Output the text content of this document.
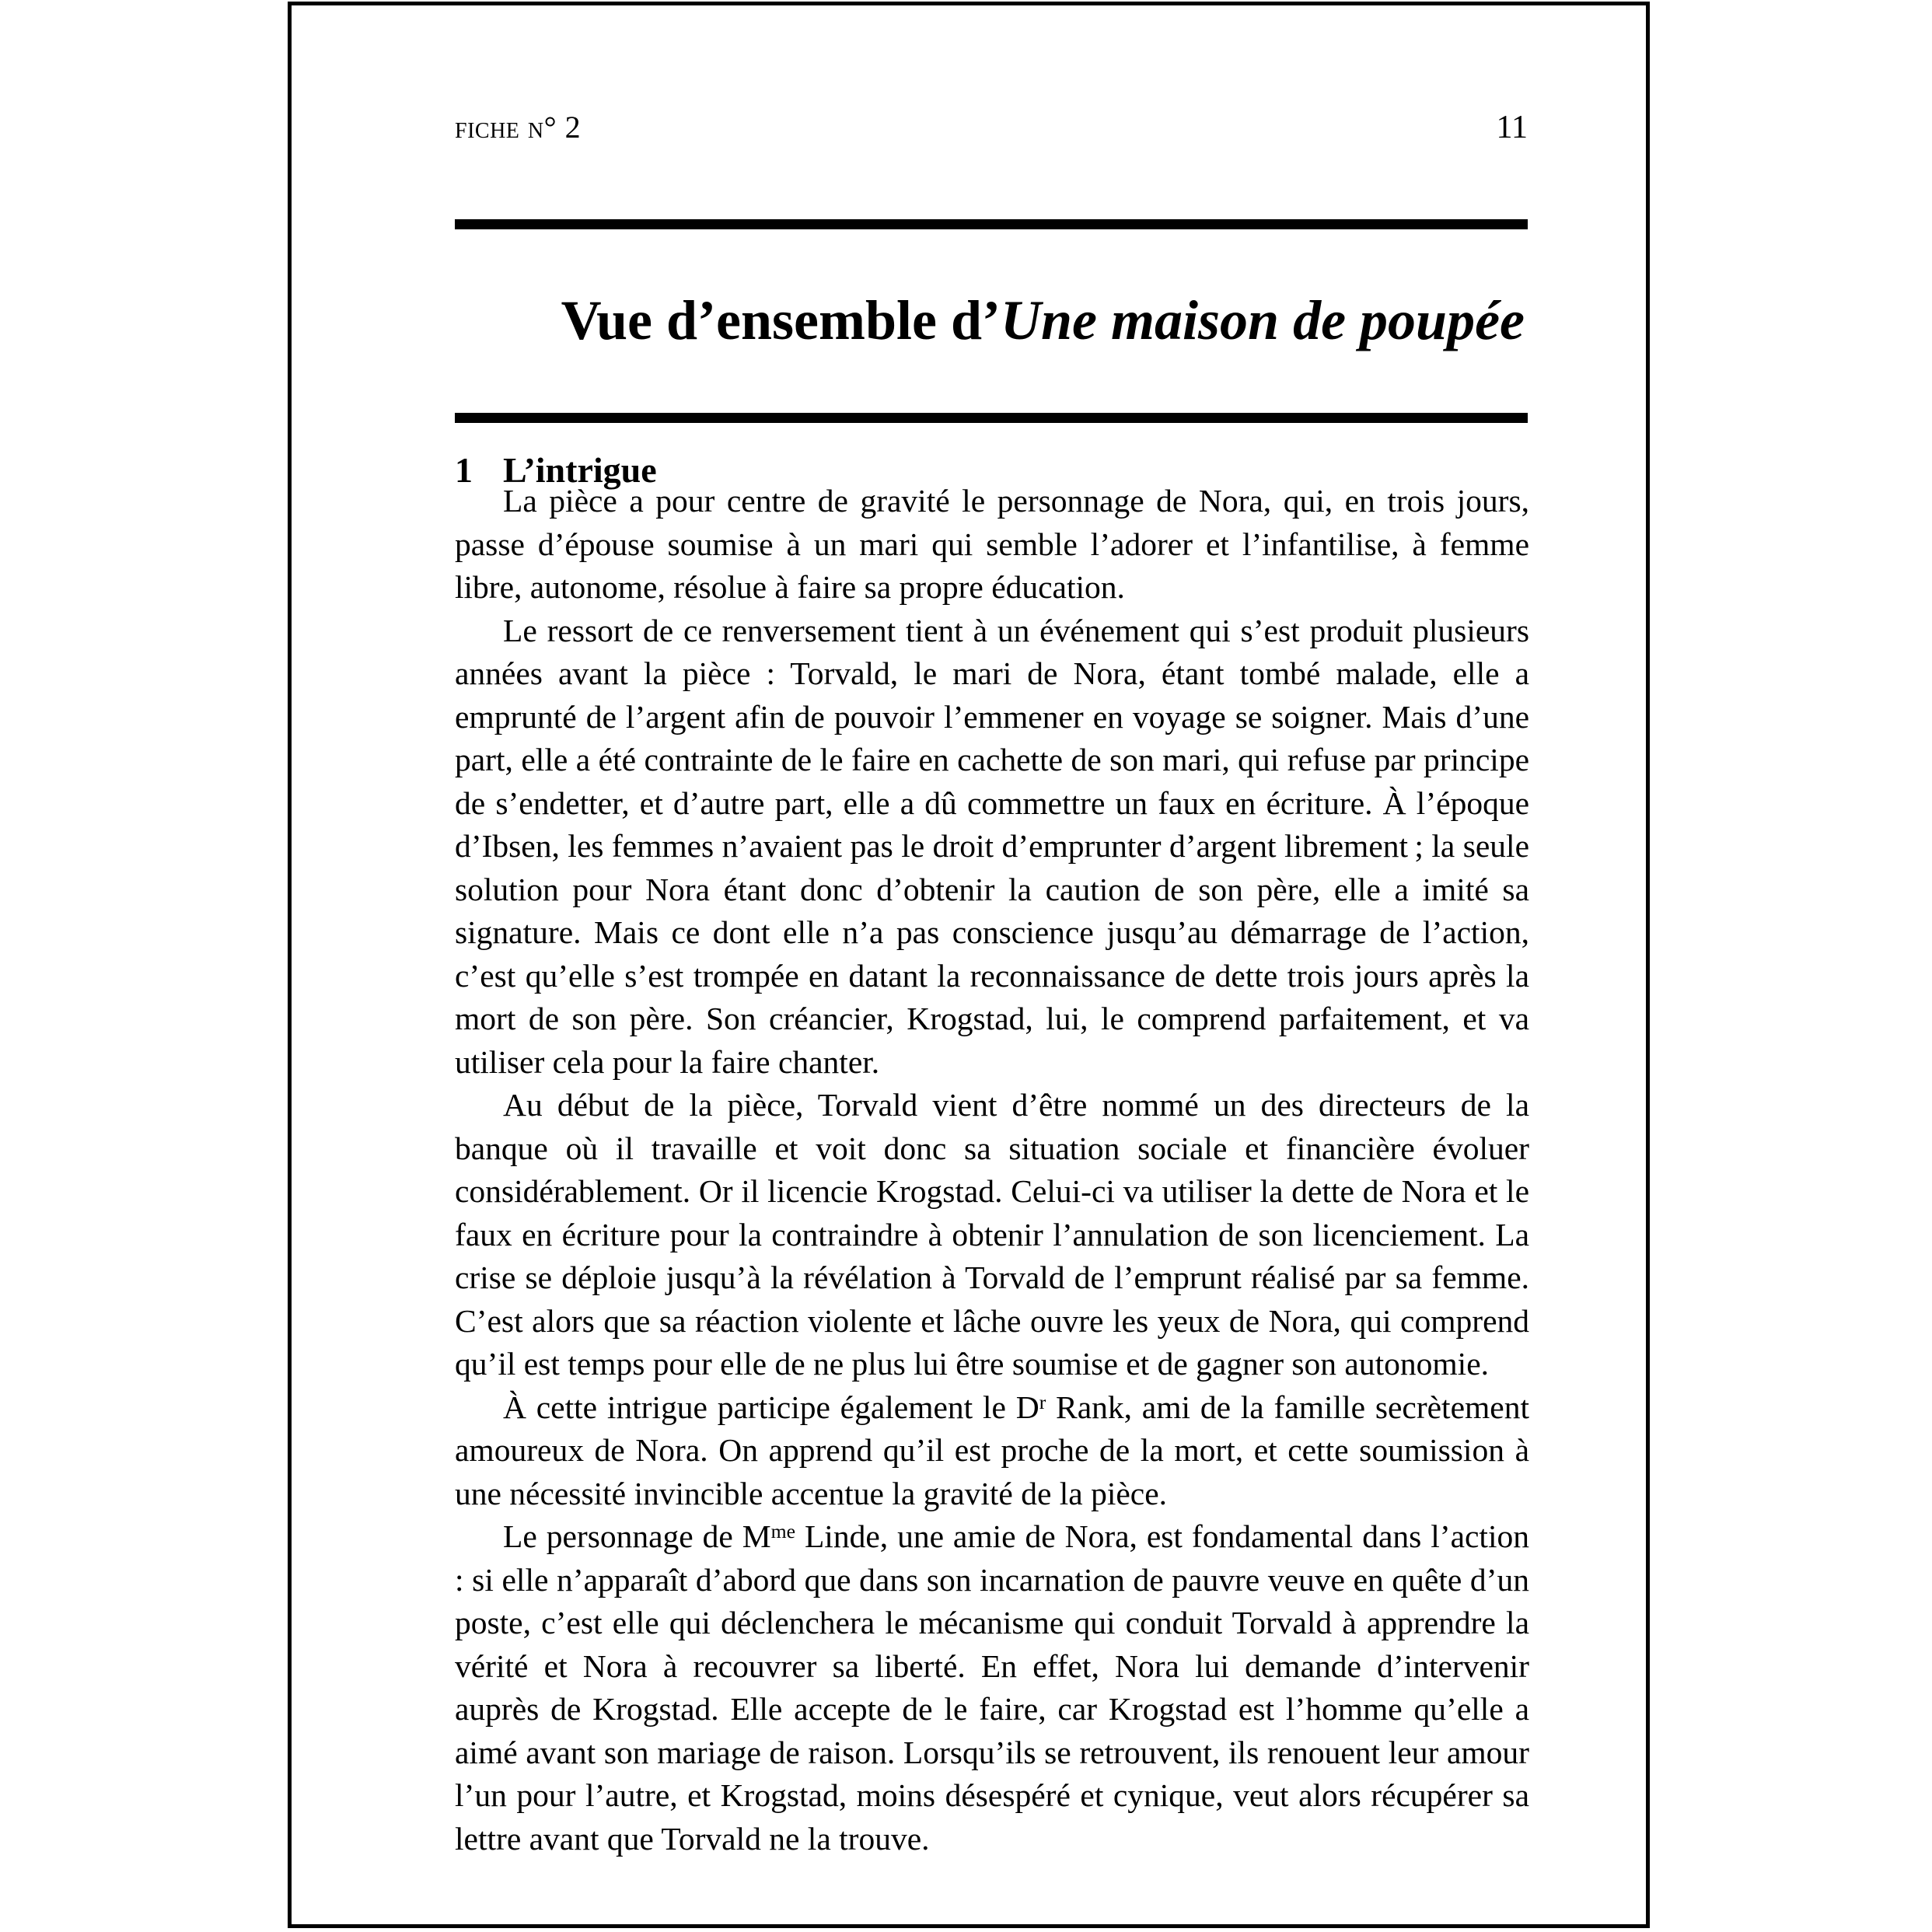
fiche n° 2	11
Vue d’ensemble d’Une maison de poupée
1 L’intrigue

La pièce a pour centre de gravité le personnage de Nora, qui, en trois jours, passe d’épouse soumise à un mari qui semble l’adorer et l’infantilise, à femme libre, autonome, résolue à faire sa propre éducation.

Le ressort de ce renversement tient à un événement qui s’est produit plusieurs années avant la pièce : Torvald, le mari de Nora, étant tombé malade, elle a emprunté de l’argent afin de pouvoir l’emmener en voyage se soigner. Mais d’une part, elle a été contrainte de le faire en cachette de son mari, qui refuse par principe de s’endetter, et d’autre part, elle a dû commettre un faux en écriture. À l’époque d’Ibsen, les femmes n’avaient pas le droit d’emprunter d’argent librement ; la seule solution pour Nora étant donc d’obtenir la caution de son père, elle a imité sa signature. Mais ce dont elle n’a pas conscience jusqu’au démarrage de l’action, c’est qu’elle s’est trompée en datant la reconnaissance de dette trois jours après la mort de son père. Son créancier, Krogstad, lui, le comprend parfaitement, et va utiliser cela pour la faire chanter.

Au début de la pièce, Torvald vient d’être nommé un des directeurs de la banque où il travaille et voit donc sa situation sociale et financière évoluer considérablement. Or il licencie Krogstad. Celui-ci va utiliser la dette de Nora et le faux en écriture pour la contraindre à obtenir l’annulation de son licenciement. La crise se déploie jusqu’à la révélation à Torvald de l’emprunt réalisé par sa femme. C’est alors que sa réaction violente et lâche ouvre les yeux de Nora, qui comprend qu’il est temps pour elle de ne plus lui être soumise et de gagner son autonomie.

À cette intrigue participe également le $D^r$ Rank, ami de la famille secrètement amoureux de Nora. On apprend qu’il est proche de la mort, et cette soumission à une nécessité invincible accentue la gravité de la pièce.

Le personnage de $M^{me}$ Linde, une amie de Nora, est fondamental dans l’action : si elle n’apparaît d’abord que dans son incarnation de pauvre veuve en quête d’un poste, c’est elle qui déclenchera le mécanisme qui conduit Torvald à apprendre la vérité et Nora à recouvrer sa liberté. En effet, Nora lui demande d’intervenir auprès de Krogstad. Elle accepte de le faire, car Krogstad est l’homme qu’elle a aimé avant son mariage de raison. Lorsqu’ils se retrouvent, ils renouent leur amour l’un pour l’autre, et Krogstad, moins désespéré et cynique, veut alors récupérer sa lettre avant que Torvald ne la trouve.
